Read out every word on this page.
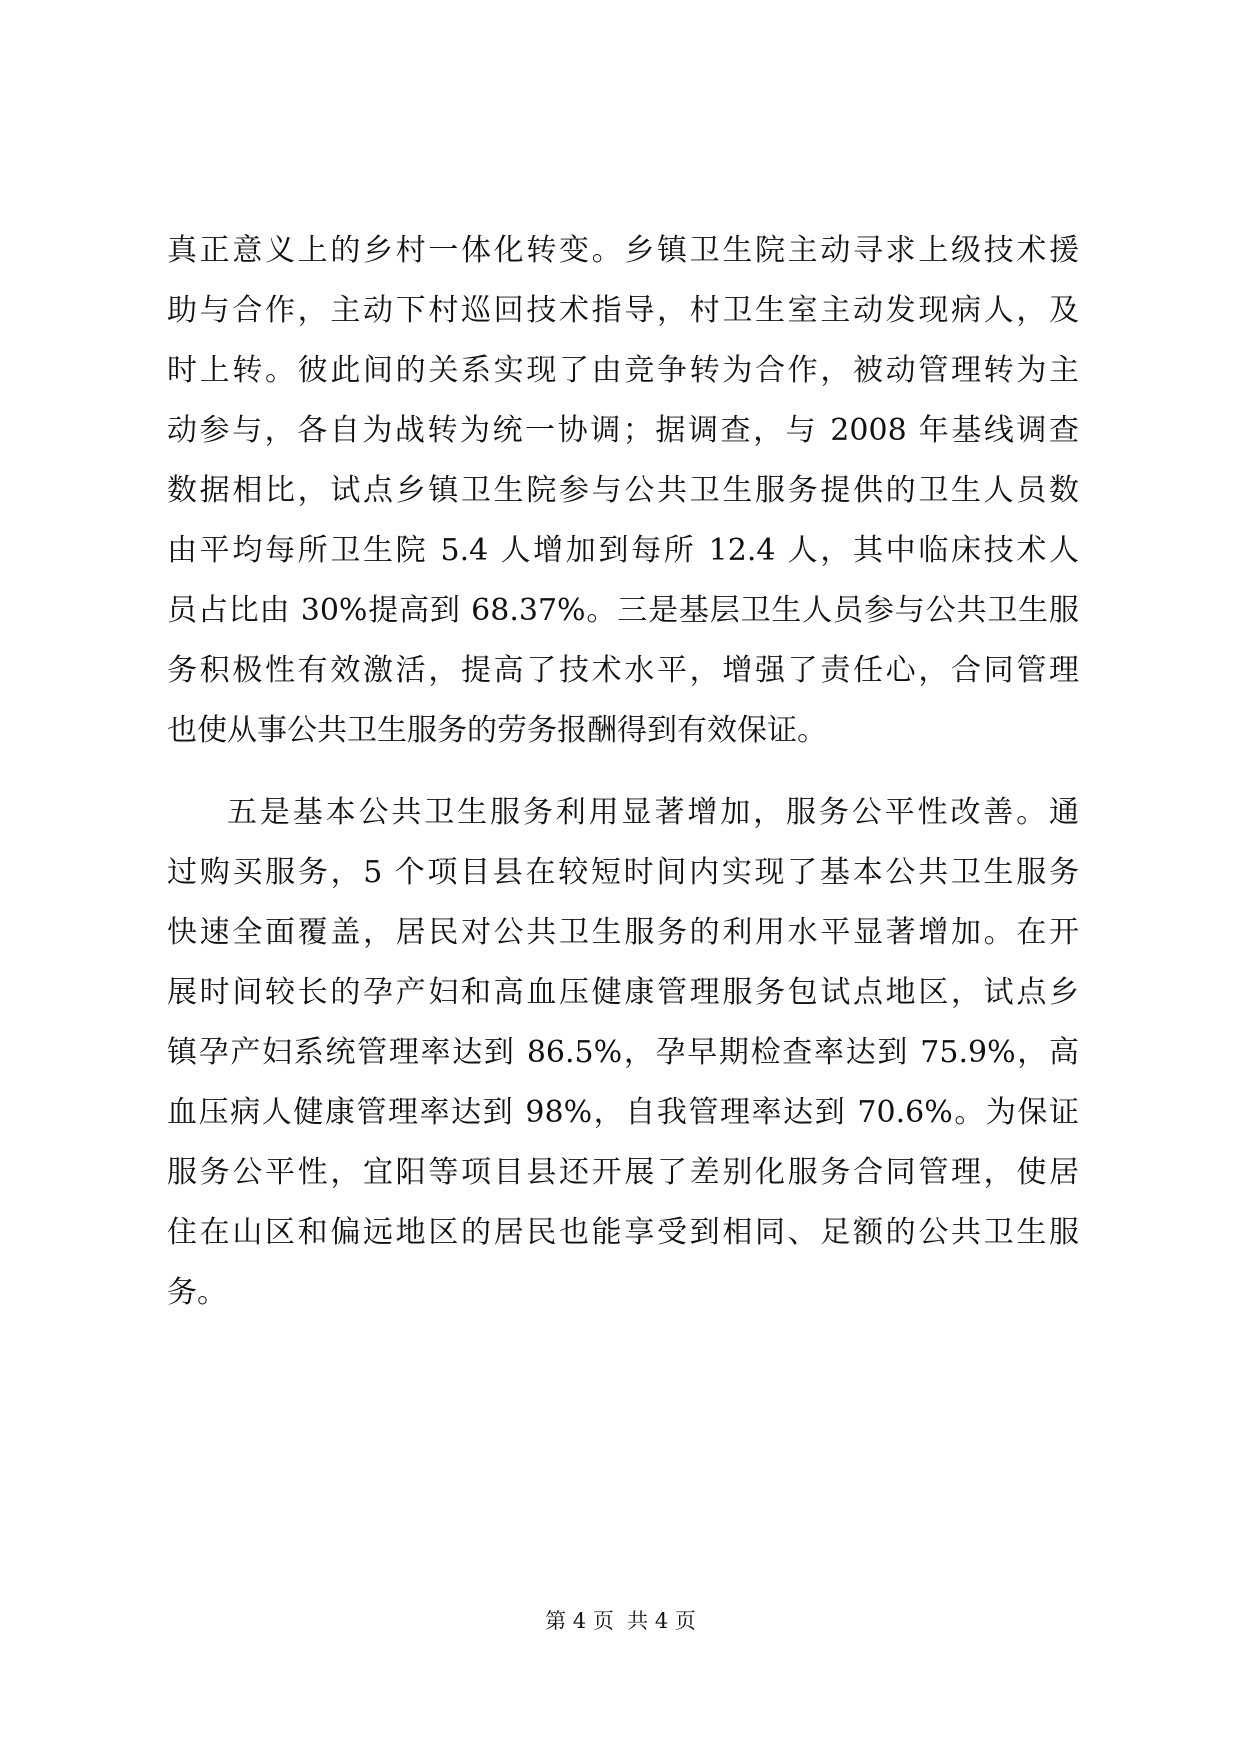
真正意义上的乡村一体化转变。乡镇卫生院主动寻求上级技术援
助与合作，主动下村巡回技术指导，村卫生室主动发现病人，及
时上转。彼此间的关系实现了由竞争转为合作，被动管理转为主
动参与，各自为战转为统一协调；据调查，与 2008 年基线调查
数据相比，试点乡镇卫生院参与公共卫生服务提供的卫生人员数
由平均每所卫生院 5.4 人增加到每所 12.4 人，其中临床技术人
员占比由 30%提高到 68.37%。三是基层卫生人员参与公共卫生服
务积极性有效激活，提高了技术水平，增强了责任心，合同管理
也使从事公共卫生服务的劳务报酬得到有效保证。
五是基本公共卫生服务利用显著增加，服务公平性改善。通
过购买服务，5 个项目县在较短时间内实现了基本公共卫生服务
快速全面覆盖，居民对公共卫生服务的利用水平显著增加。在开
展时间较长的孕产妇和高血压健康管理服务包试点地区，试点乡
镇孕产妇系统管理率达到 86.5%，孕早期检查率达到 75.9%，高
血压病人健康管理率达到 98%，自我管理率达到 70.6%。为保证
服务公平性，宜阳等项目县还开展了差别化服务合同管理，使居
住在山区和偏远地区的居民也能享受到相同、足额的公共卫生服
务。
第 4 页  共 4 页
